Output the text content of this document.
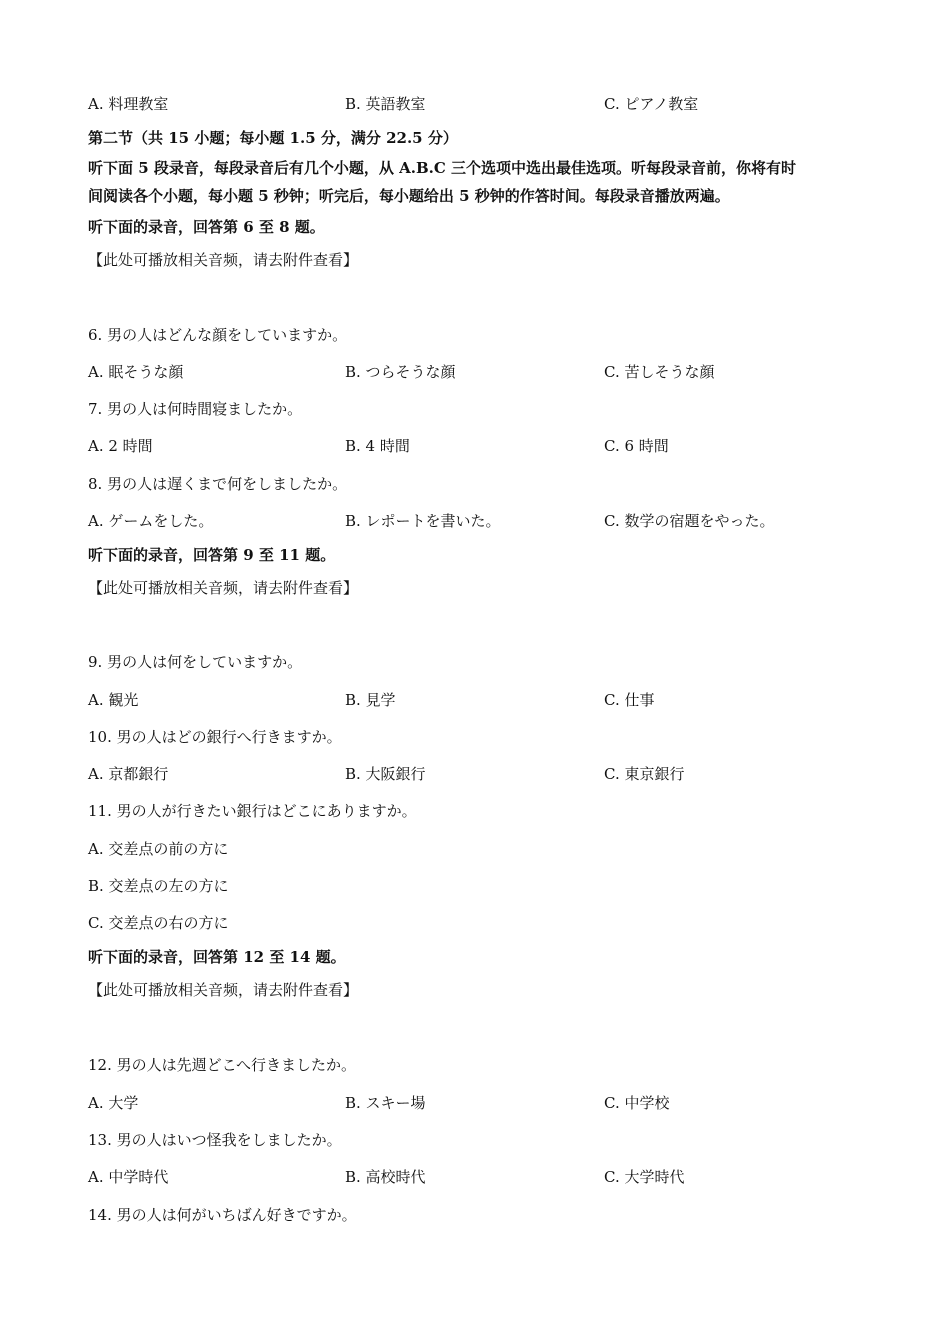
A. 料理教室	B. 英語教室	C. ピアノ教室
第二节（共 15 小题；每小题 1.5 分，满分 22.5 分）
听下面 5 段录音，每段录音后有几个小题，从 A.B.C 三个选项中选出最佳选项。听每段录音前，你将有时
间阅读各个小题，每小题 5 秒钟；听完后，每小题给出 5 秒钟的作答时间。每段录音播放两遍。
听下面的录音，回答第 6 至 8 题。
【此处可播放相关音频，请去附件查看】
6. 男の人はどんな顔をしていますか。
A. 眠そうな顔	B. つらそうな顔	C. 苦しそうな顔
7. 男の人は何時間寝ましたか。
A. 2 時間	B. 4 時間	C. 6 時間
8. 男の人は遅くまで何をしましたか。
A. ゲームをした。	B. レポートを書いた。	C. 数学の宿題をやった。
听下面的录音，回答第 9 至 11 题。
【此处可播放相关音频，请去附件查看】
9. 男の人は何をしていますか。
A. 観光	B. 見学	C. 仕事
10. 男の人はどの銀行へ行きますか。
A. 京都銀行	B. 大阪銀行	C. 東京銀行
11. 男の人が行きたい銀行はどこにありますか。
A. 交差点の前の方に
B. 交差点の左の方に
C. 交差点の右の方に
听下面的录音，回答第 12 至 14 题。
【此处可播放相关音频，请去附件查看】
12. 男の人は先週どこへ行きましたか。
A. 大学	B. スキー場	C. 中学校
13. 男の人はいつ怪我をしましたか。
A. 中学時代	B. 高校時代	C. 大学時代
14. 男の人は何がいちばん好きですか。
